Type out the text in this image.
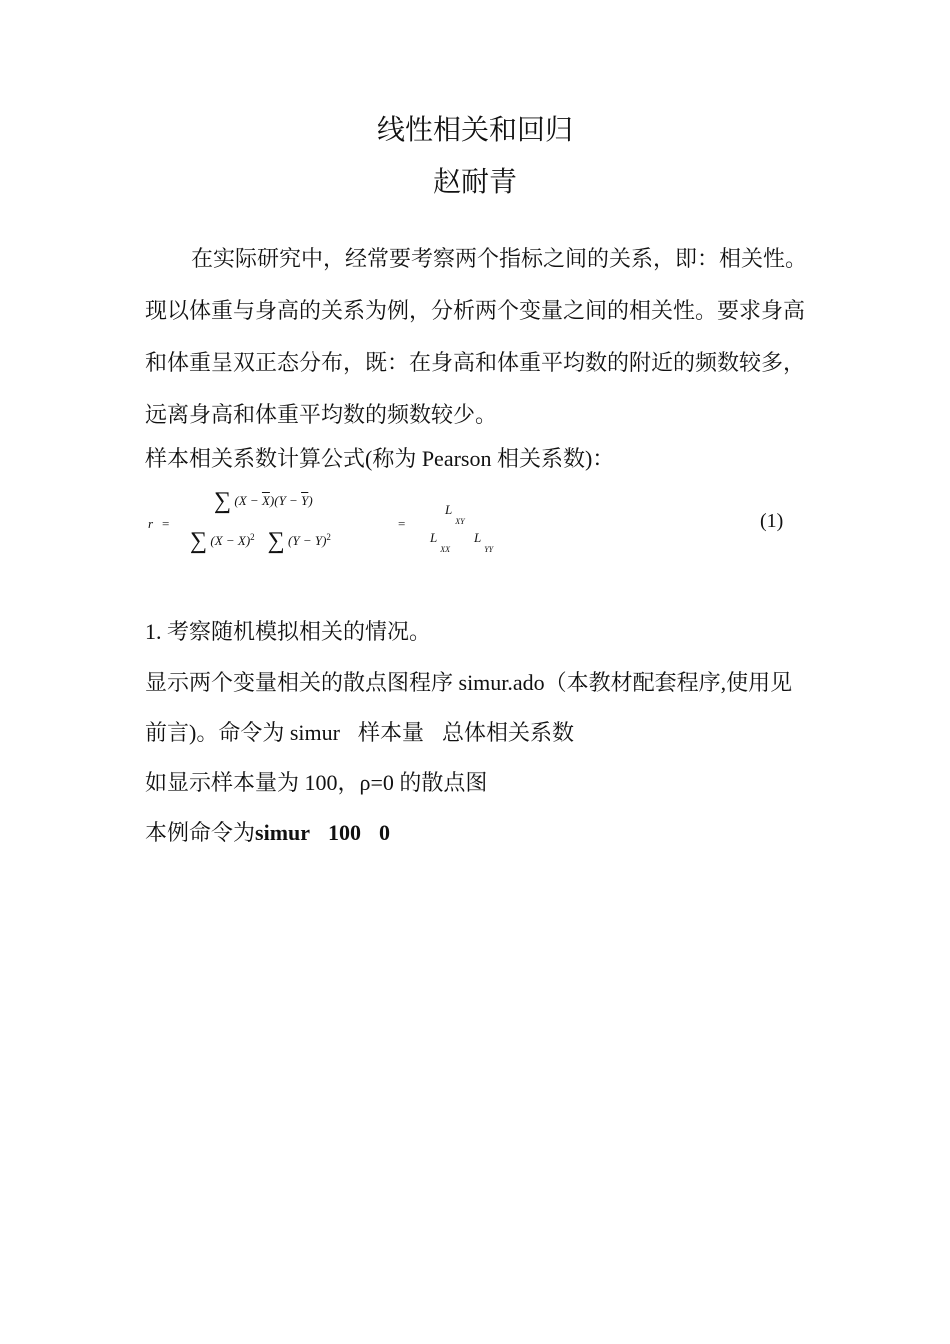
线性相关和回归
赵耐青
在实际研究中，经常要考察两个指标之间的关系，即：相关性。现以体重与身高的关系为例，分析两个变量之间的相关性。要求身高和体重呈双正态分布，既：在身高和体重平均数的附近的频数较多，远离身高和体重平均数的频数较少。
样本相关系数计算公式(称为 Pearson 相关系数)：
r =
∑ $(X - \overline{X})(Y - \overline{Y})$
∑ $(X - X)^2$ ∑ $(Y - Y)^2$
=
$L_{XY}$
$L_{XX}$
$L_{YY}$
(1)
1. 考察随机模拟相关的情况。
显示两个变量相关的散点图程序 simur.ado（本教材配套程序,使用见
前言)。命令为 simur 样本量 总体相关系数
如显示样本量为 100，ρ=0 的散点图
本例命令为simur 100 0
